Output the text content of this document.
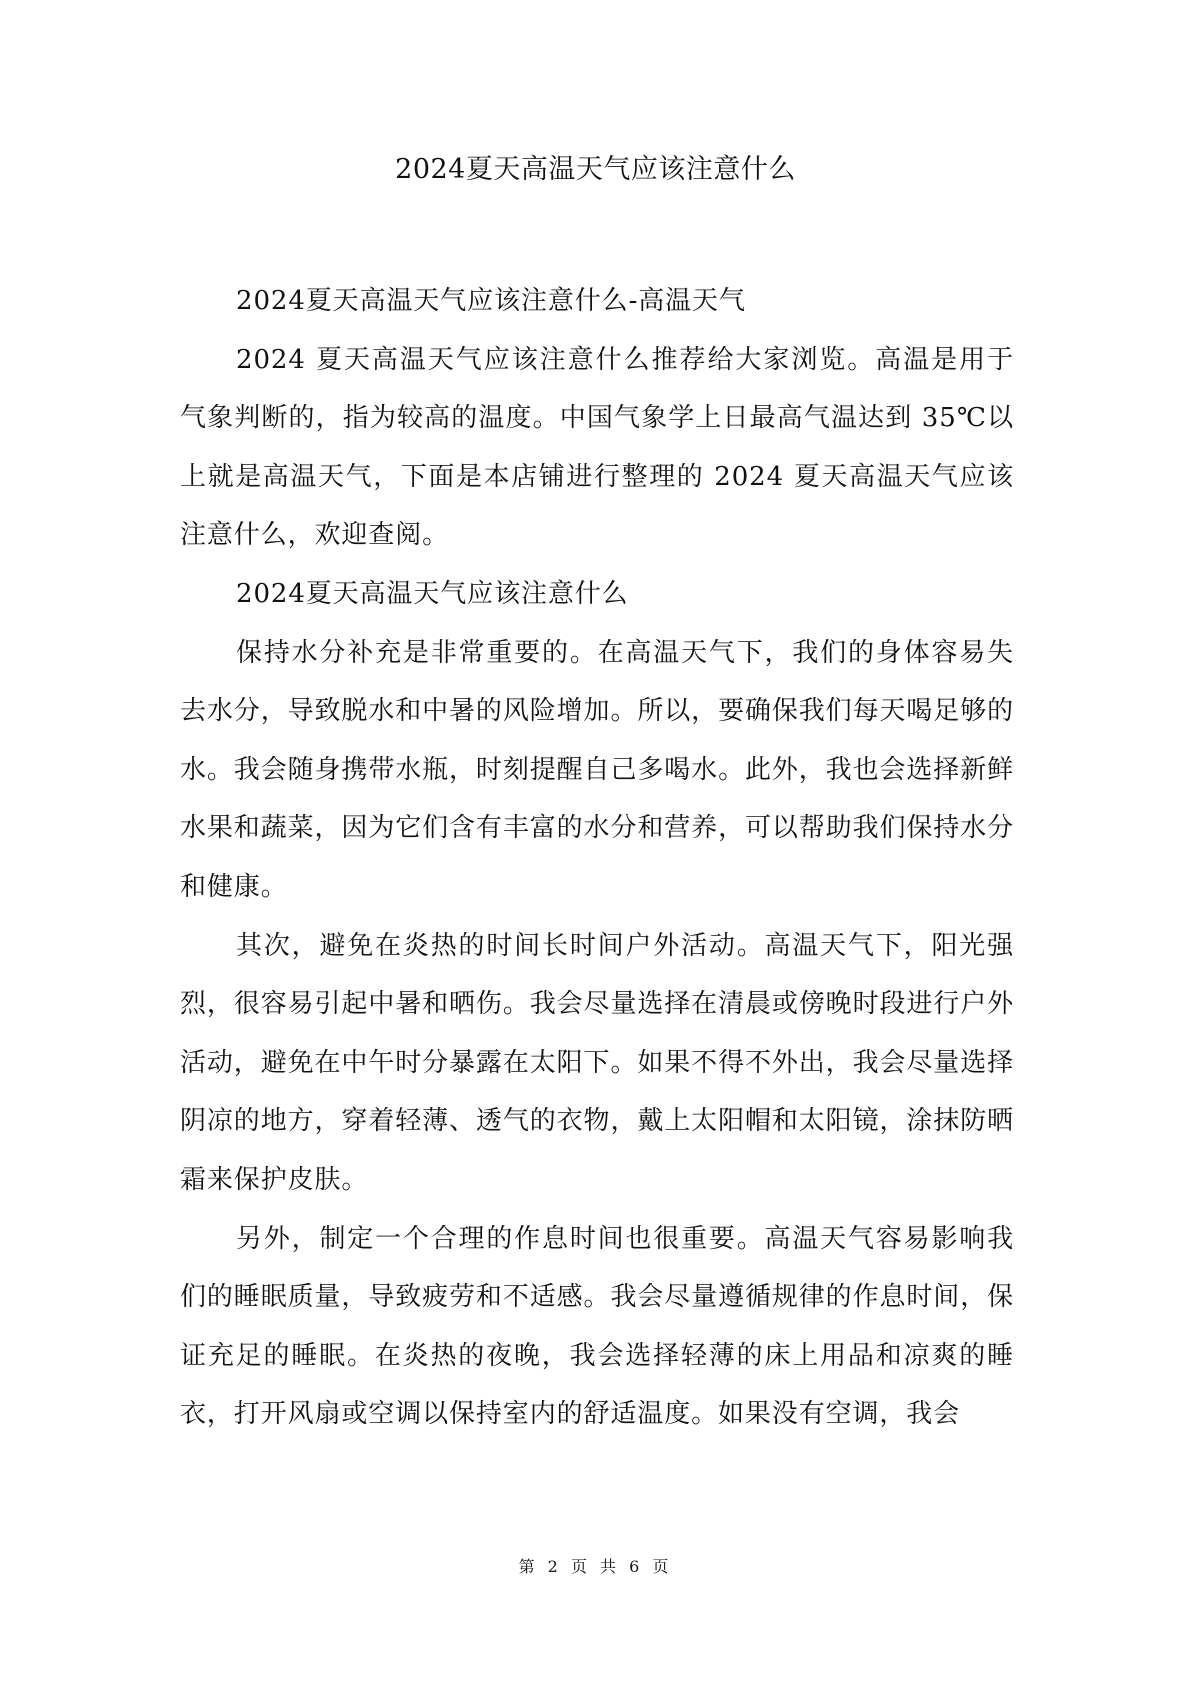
2024夏天高温天气应该注意什么

2024夏天高温天气应该注意什么-高温天气

2024 夏天高温天气应该注意什么推荐给大家浏览。高温是用于气象判断的，指为较高的温度。中国气象学上日最高气温达到 35℃以上就是高温天气，下面是本店铺进行整理的 2024 夏天高温天气应该注意什么，欢迎查阅。

2024夏天高温天气应该注意什么

保持水分补充是非常重要的。在高温天气下，我们的身体容易失去水分，导致脱水和中暑的风险增加。所以，要确保我们每天喝足够的水。我会随身携带水瓶，时刻提醒自己多喝水。此外，我也会选择新鲜水果和蔬菜，因为它们含有丰富的水分和营养，可以帮助我们保持水分和健康。

其次，避免在炎热的时间长时间户外活动。高温天气下，阳光强烈，很容易引起中暑和晒伤。我会尽量选择在清晨或傍晚时段进行户外活动，避免在中午时分暴露在太阳下。如果不得不外出，我会尽量选择阴凉的地方，穿着轻薄、透气的衣物，戴上太阳帽和太阳镜，涂抹防晒霜来保护皮肤。

另外，制定一个合理的作息时间也很重要。高温天气容易影响我们的睡眠质量，导致疲劳和不适感。我会尽量遵循规律的作息时间，保证充足的睡眠。在炎热的夜晚，我会选择轻薄的床上用品和凉爽的睡衣，打开风扇或空调以保持室内的舒适温度。如果没有空调，我会

第 2 页 共 6 页
